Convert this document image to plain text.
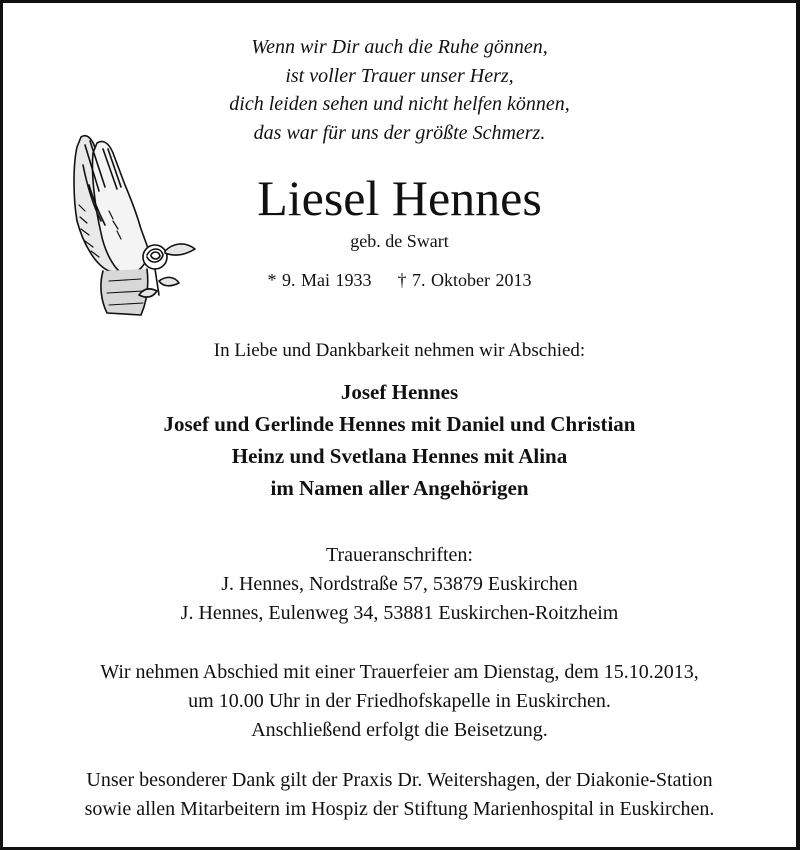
Wenn wir Dir auch die Ruhe gönnen,
ist voller Trauer unser Herz,
dich leiden sehen und nicht helfen können,
das war für uns der größte Schmerz.
Liesel Hennes
geb. de Swart
* 9. Mai 1933 † 7. Oktober 2013
In Liebe und Dankbarkeit nehmen wir Abschied:
Josef Hennes
Josef und Gerlinde Hennes mit Daniel und Christian
Heinz und Svetlana Hennes mit Alina
im Namen aller Angehörigen
Traueranschriften:
J. Hennes, Nordstraße 57, 53879 Euskirchen
J. Hennes, Eulenweg 34, 53881 Euskirchen-Roitzheim
Wir nehmen Abschied mit einer Trauerfeier am Dienstag, dem 15.10.2013,
um 10.00 Uhr in der Friedhofskapelle in Euskirchen.
Anschließend erfolgt die Beisetzung.
Unser besonderer Dank gilt der Praxis Dr. Weitershagen, der Diakonie-Station
sowie allen Mitarbeitern im Hospiz der Stiftung Marienhospital in Euskirchen.
